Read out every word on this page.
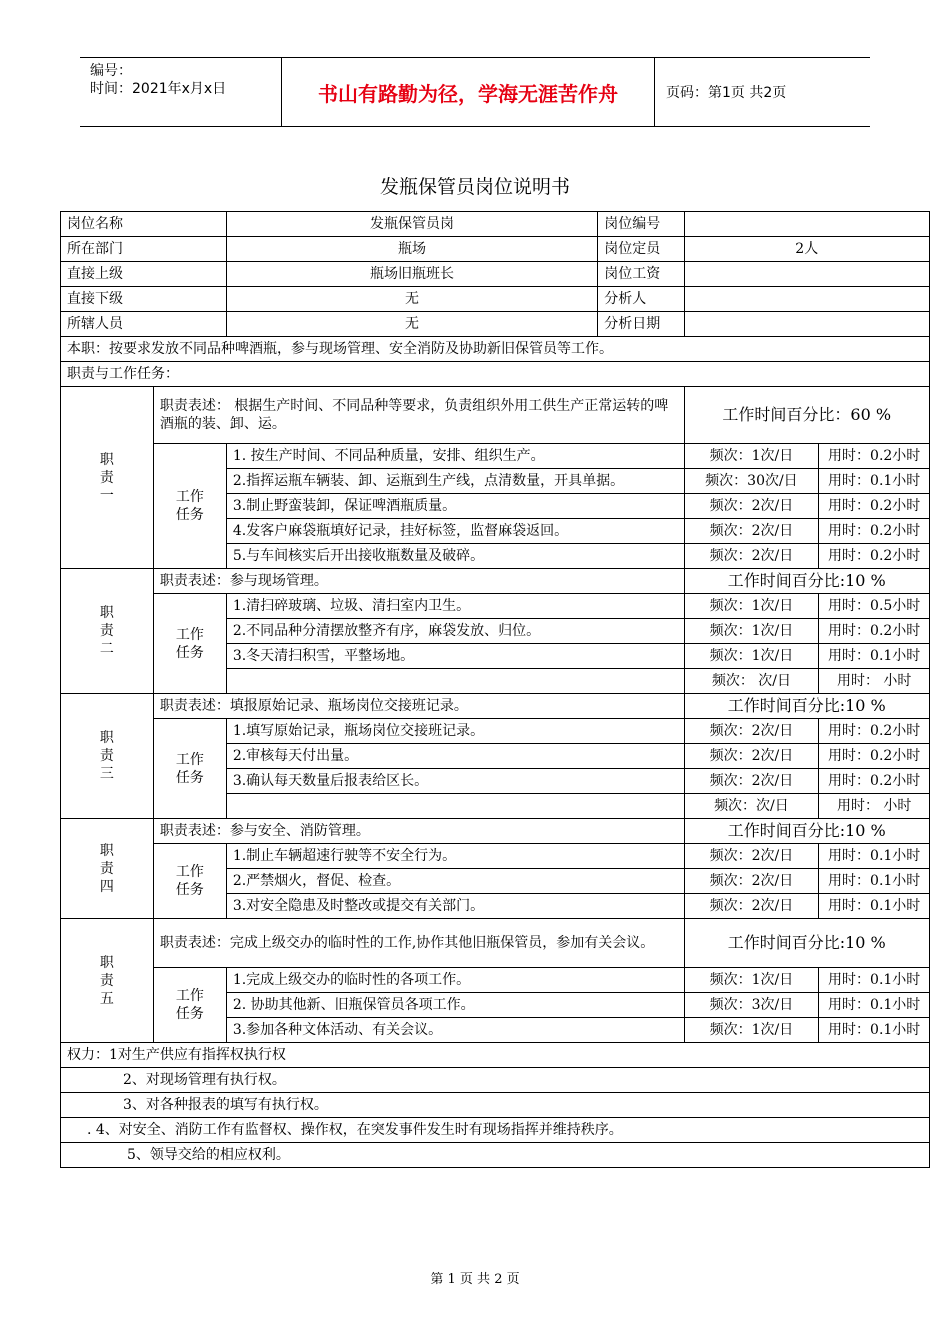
编号：
时间：2021年x月x日	书山有路勤为径，学海无涯苦作舟	页码：第1页 共2页
发瓶保管员岗位说明书
岗位名称		发瓶保管员岗	岗位编号		
所在部门		瓶场	岗位定员	2人	
直接上级		瓶场旧瓶班长	岗位工资		
直接下级		无	分析人		
所辖人员		无	分析日期		
本职：按要求发放不同品种啤酒瓶，参与现场管理、安全消防及协助新旧保管员等工作。					
职责与工作任务：					

职
责
一	职责表述： 根据生产时间、不同品种等要求，负责组织外用工供生产正常运转的啤酒瓶的装、卸、运。			工作时间百分比：60 %	

	工作
任务	1. 按生产时间、不同品种质量，安排、组织生产。		频次：1次/日	用时：0.2小时
		2.指挥运瓶车辆装、卸、运瓶到生产线，点清数量，开具单据。		频次：30次/日	用时：0.1小时
		3.制止野蛮装卸，保证啤酒瓶质量。		频次：2次/日	用时：0.2小时
		4.发客户麻袋瓶填好记录，挂好标签，监督麻袋返回。		频次：2次/日	用时：0.2小时
		5.与车间核实后开出接收瓶数量及破碎。		频次：2次/日	用时：0.2小时

职
责
二	职责表述：参与现场管理。			工作时间百分比:10 %	

	工作
任务	1.清扫碎玻璃、垃圾、清扫室内卫生。		频次：1次/日	用时：0.5小时
		2.不同品种分清摆放整齐有序，麻袋发放、归位。		频次：1次/日	用时：0.2小时
		3.冬天清扫积雪，平整场地。		频次：1次/日	用时：0.1小时
				频次： 次/日	用时： 小时

职
责
三	职责表述：填报原始记录、瓶场岗位交接班记录。			工作时间百分比:10 %	

	工作
任务	1.填写原始记录，瓶场岗位交接班记录。		频次：2次/日	用时：0.2小时
		2.审核每天付出量。		频次：2次/日	用时：0.2小时
		3.确认每天数量后报表给区长。		频次：2次/日	用时：0.2小时
				频次：次/日	用时： 小时

职
责
四	职责表述：参与安全、消防管理。			工作时间百分比:10 %	

	工作
任务	1.制止车辆超速行驶等不安全行为。		频次：2次/日	用时：0.1小时
		2.严禁烟火，督促、检查。		频次：2次/日	用时：0.1小时
		3.对安全隐患及时整改或提交有关部门。		频次：2次/日	用时：0.1小时

职
责
五	职责表述：完成上级交办的临时性的工作,协作其他旧瓶保管员，参加有关会议。			工作时间百分比:10 %	

	工作
任务	1.完成上级交办的临时性的各项工作。		频次：1次/日	用时：0.1小时
		2. 协助其他新、旧瓶保管员各项工作。		频次：3次/日	用时：0.1小时
		3.参加各种文体活动、有关会议。		频次：1次/日	用时：0.1小时
权力：1对生产供应有指挥权执行权					
2、对现场管理有执行权。					
3、对各种报表的填写有执行权。					
. 4、对安全、消防工作有监督权、操作权，在突发事件发生时有现场指挥并维持秩序。					
5、领导交给的相应权利。					
第 1 页 共 2 页
